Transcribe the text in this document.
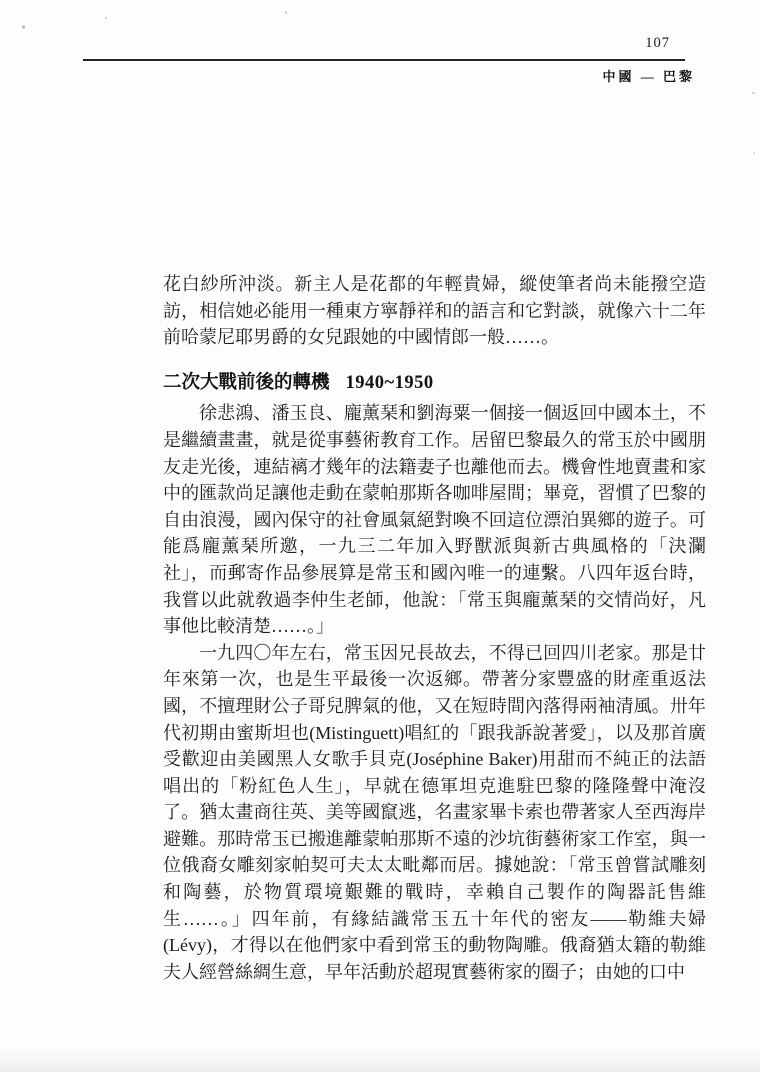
107
中國 — 巴黎

花白紗所沖淡。新主人是花都的年輕貴婦，縱使筆者尚未能撥空造訪，相信她必能用一種東方寧靜祥和的語言和它對談，就像六十二年前哈蒙尼耶男爵的女兒跟她的中國情郎一般……。

二次大戰前後的轉機 1940~1950

徐悲鴻、潘玉良、龐薰琹和劉海粟一個接一個返回中國本土，不是繼續畫畫，就是從事藝術教育工作。居留巴黎最久的常玉於中國朋友走光後，連結褵才幾年的法籍妻子也離他而去。機會性地賣畫和家中的匯款尚足讓他走動在蒙帕那斯各咖啡屋間；畢竟，習慣了巴黎的自由浪漫，國內保守的社會風氣絕對喚不回這位漂泊異鄉的遊子。可能爲龐薰琹所邀，一九三二年加入野獸派與新古典風格的「決瀾社」，而郵寄作品參展算是常玉和國內唯一的連繫。八四年返台時，我嘗以此就敎過李仲生老師，他說：「常玉與龐薰琹的交情尚好，凡事他比較清楚……。」

一九四〇年左右，常玉因兄長故去，不得已回四川老家。那是廿年來第一次，也是生平最後一次返鄉。帶著分家豐盛的財產重返法國，不擅理財公子哥兒脾氣的他，又在短時間內落得兩袖清風。卅年代初期由蜜斯坦也(Mistinguett)唱紅的「跟我訴說著愛」，以及那首廣受歡迎由美國黑人女歌手貝克(Joséphine Baker)用甜而不純正的法語唱出的「粉紅色人生」，早就在德軍坦克進駐巴黎的隆隆聲中淹沒了。猶太畫商往英、美等國竄逃，名畫家畢卡索也帶著家人至西海岸避難。那時常玉已搬進離蒙帕那斯不遠的沙坑街藝術家工作室，與一位俄裔女雕刻家帕契可夫太太毗鄰而居。據她說：「常玉曾嘗試雕刻和陶藝，於物質環境艱難的戰時，幸賴自己製作的陶器託售維生……。」四年前，有緣結識常玉五十年代的密友——勒維夫婦(Lévy)，才得以在他們家中看到常玉的動物陶雕。俄裔猶太籍的勒維夫人經營絲綢生意，早年活動於超現實藝術家的圈子；由她的口中
